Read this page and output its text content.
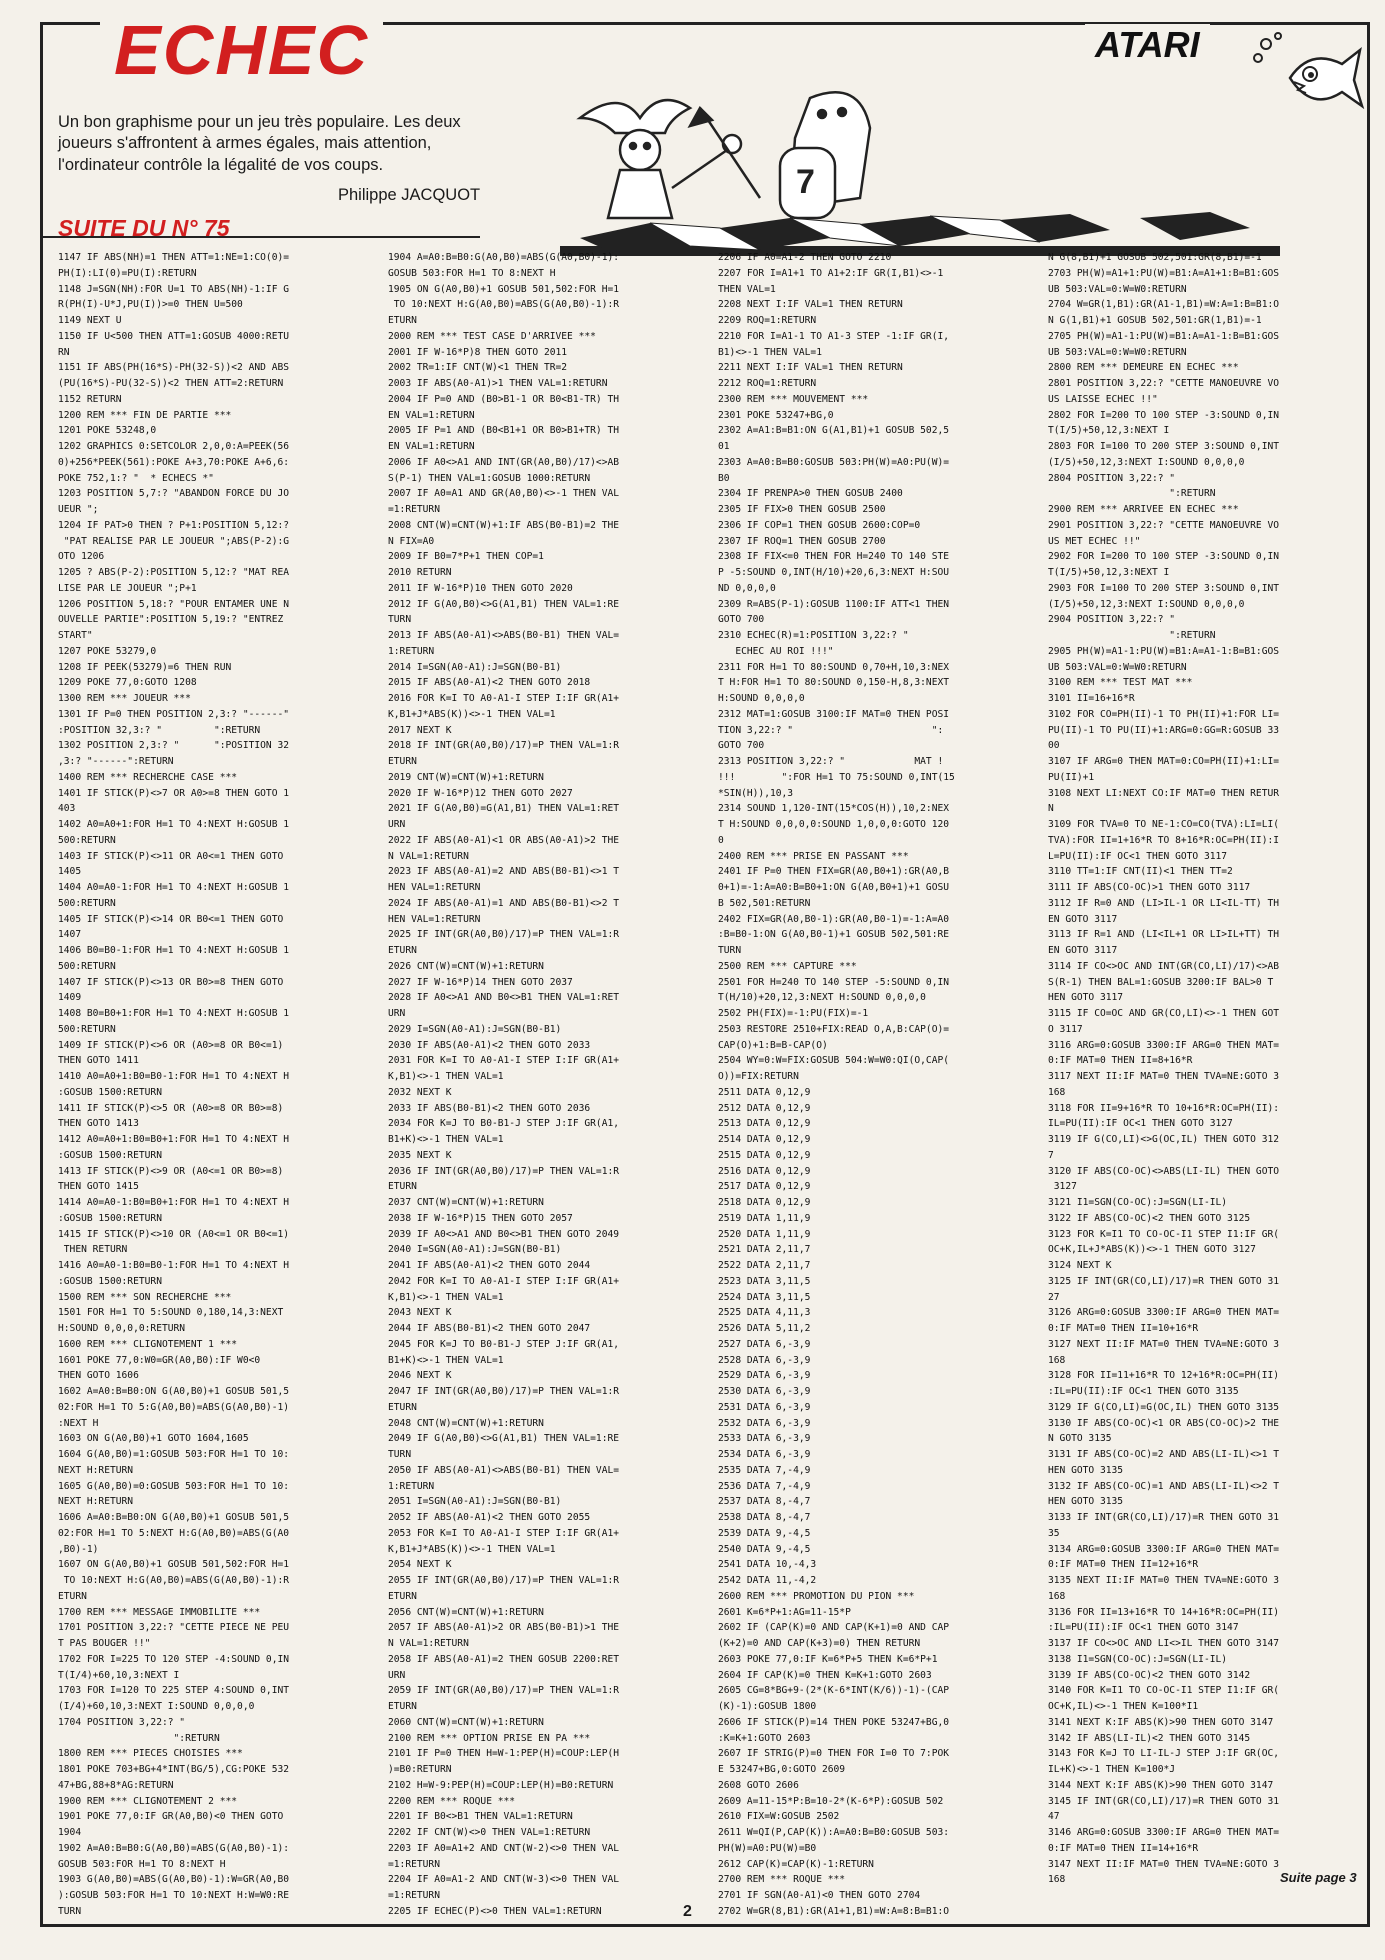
ECHEC	ATARI
Un bon graphisme pour un jeu très populaire. Les deux joueurs s'affrontent à armes égales, mais attention, l'ordinateur contrôle la légalité de vos coups.
Philippe JACQUOT
SUITE DU N° 75
7
1147 IF ABS(NH)=1 THEN ATT=1:NE=1:CO(0)=
PH(I):LI(0)=PU(I):RETURN
1148 J=SGN(NH):FOR U=1 TO ABS(NH)-1:IF G
R(PH(I)-U*J,PU(I))>=0 THEN U=500
1149 NEXT U
1150 IF U<500 THEN ATT=1:GOSUB 4000:RETU
RN
1151 IF ABS(PH(16*S)-PH(32-S))<2 AND ABS
(PU(16*S)-PU(32-S))<2 THEN ATT=2:RETURN
1152 RETURN
1200 REM *** FIN DE PARTIE ***
1201 POKE 53248,0
1202 GRAPHICS 0:SETCOLOR 2,0,0:A=PEEK(56
0)+256*PEEK(561):POKE A+3,70:POKE A+6,6:
POKE 752,1:? "  * ECHECS *"
1203 POSITION 5,7:? "ABANDON FORCE DU JO
UEUR ";
1204 IF PAT>0 THEN ? P+1:POSITION 5,12:?
"PAT REALISE PAR LE JOUEUR ";ABS(P-2):G
OTO 1206
1205 ? ABS(P-2):POSITION 5,12:? "MAT REA
LISE PAR LE JOUEUR ";P+1
1206 POSITION 5,18:? "POUR ENTAMER UNE N
OUVELLE PARTIE":POSITION 5,19:? "ENTREZ
START"
1207 POKE 53279,0
1208 IF PEEK(53279)=6 THEN RUN
1209 POKE 77,0:GOTO 1208
1300 REM *** JOUEUR ***
1301 IF P=0 THEN POSITION 2,3:? "------"
:POSITION 32,3:? "         ":RETURN
1302 POSITION 2,3:? "      ":POSITION 32
,3:? "------":RETURN
1400 REM *** RECHERCHE CASE ***
1401 IF STICK(P)<>7 OR A0>=8 THEN GOTO 1
403
1402 A0=A0+1:FOR H=1 TO 4:NEXT H:GOSUB 1
500:RETURN
1403 IF STICK(P)<>11 OR A0<=1 THEN GOTO
1405
1404 A0=A0-1:FOR H=1 TO 4:NEXT H:GOSUB 1
500:RETURN
1405 IF STICK(P)<>14 OR B0<=1 THEN GOTO
1407
1406 B0=B0-1:FOR H=1 TO 4:NEXT H:GOSUB 1
500:RETURN
1407 IF STICK(P)<>13 OR B0>=8 THEN GOTO
1409
1408 B0=B0+1:FOR H=1 TO 4:NEXT H:GOSUB 1
500:RETURN
1409 IF STICK(P)<>6 OR (A0>=8 OR B0<=1)
THEN GOTO 1411
1410 A0=A0+1:B0=B0-1:FOR H=1 TO 4:NEXT H
:GOSUB 1500:RETURN
1411 IF STICK(P)<>5 OR (A0>=8 OR B0>=8)
THEN GOTO 1413
1412 A0=A0+1:B0=B0+1:FOR H=1 TO 4:NEXT H
:GOSUB 1500:RETURN
1413 IF STICK(P)<>9 OR (A0<=1 OR B0>=8)
THEN GOTO 1415
1414 A0=A0-1:B0=B0+1:FOR H=1 TO 4:NEXT H
:GOSUB 1500:RETURN
1415 IF STICK(P)<>10 OR (A0<=1 OR B0<=1)
THEN RETURN
1416 A0=A0-1:B0=B0-1:FOR H=1 TO 4:NEXT H
:GOSUB 1500:RETURN
1500 REM *** SON RECHERCHE ***
1501 FOR H=1 TO 5:SOUND 0,180,14,3:NEXT
H:SOUND 0,0,0,0:RETURN
1600 REM *** CLIGNOTEMENT 1 ***
1601 POKE 77,0:W0=GR(A0,B0):IF W0<0
THEN GOTO 1606
1602 A=A0:B=B0:ON G(A0,B0)+1 GOSUB 501,5
02:FOR H=1 TO 5:G(A0,B0)=ABS(G(A0,B0)-1)
:NEXT H
1603 ON G(A0,B0)+1 GOTO 1604,1605
1604 G(A0,B0)=1:GOSUB 503:FOR H=1 TO 10:
NEXT H:RETURN
1605 G(A0,B0)=0:GOSUB 503:FOR H=1 TO 10:
NEXT H:RETURN
1606 A=A0:B=B0:ON G(A0,B0)+1 GOSUB 501,5
02:FOR H=1 TO 5:NEXT H:G(A0,B0)=ABS(G(A0
,B0)-1)
1607 ON G(A0,B0)+1 GOSUB 501,502:FOR H=1
TO 10:NEXT H:G(A0,B0)=ABS(G(A0,B0)-1):R
ETURN
1700 REM *** MESSAGE IMMOBILITE ***
1701 POSITION 3,22:? "CETTE PIECE NE PEU
T PAS BOUGER !!"
1702 FOR I=225 TO 120 STEP -4:SOUND 0,IN
T(I/4)+60,10,3:NEXT I
1703 FOR I=120 TO 225 STEP 4:SOUND 0,INT
(I/4)+60,10,3:NEXT I:SOUND 0,0,0,0
1704 POSITION 3,22:? "
":RETURN
1800 REM *** PIECES CHOISIES ***
1801 POKE 703+BG+4*INT(BG/5),CG:POKE 532
47+BG,88+8*AG:RETURN
1900 REM *** CLIGNOTEMENT 2 ***
1901 POKE 77,0:IF GR(A0,B0)<0 THEN GOTO
1904
1902 A=A0:B=B0:G(A0,B0)=ABS(G(A0,B0)-1):
GOSUB 503:FOR H=1 TO 8:NEXT H
1903 G(A0,B0)=ABS(G(A0,B0)-1):W=GR(A0,B0
):GOSUB 503:FOR H=1 TO 10:NEXT H:W=W0:RE
TURN
1904 A=A0:B=B0:G(A0,B0)=ABS(G(A0,B0)-1):
GOSUB 503:FOR H=1 TO 8:NEXT H
1905 ON G(A0,B0)+1 GOSUB 501,502:FOR H=1
TO 10:NEXT H:G(A0,B0)=ABS(G(A0,B0)-1):R
ETURN
2000 REM *** TEST CASE D'ARRIVEE ***
2001 IF W-16*P)8 THEN GOTO 2011
2002 TR=1:IF CNT(W)<1 THEN TR=2
2003 IF ABS(A0-A1)>1 THEN VAL=1:RETURN
2004 IF P=0 AND (B0>B1-1 OR B0<B1-TR) TH
EN VAL=1:RETURN
2005 IF P=1 AND (B0<B1+1 OR B0>B1+TR) TH
EN VAL=1:RETURN
2006 IF A0<>A1 AND INT(GR(A0,B0)/17)<>AB
S(P-1) THEN VAL=1:GOSUB 1000:RETURN
2007 IF A0=A1 AND GR(A0,B0)<>-1 THEN VAL
=1:RETURN
2008 CNT(W)=CNT(W)+1:IF ABS(B0-B1)=2 THE
N FIX=A0
2009 IF B0=7*P+1 THEN COP=1
2010 RETURN
2011 IF W-16*P)10 THEN GOTO 2020
2012 IF G(A0,B0)<>G(A1,B1) THEN VAL=1:RE
TURN
2013 IF ABS(A0-A1)<>ABS(B0-B1) THEN VAL=
1:RETURN
2014 I=SGN(A0-A1):J=SGN(B0-B1)
2015 IF ABS(A0-A1)<2 THEN GOTO 2018
2016 FOR K=I TO A0-A1-I STEP I:IF GR(A1+
K,B1+J*ABS(K))<>-1 THEN VAL=1
2017 NEXT K
2018 IF INT(GR(A0,B0)/17)=P THEN VAL=1:R
ETURN
2019 CNT(W)=CNT(W)+1:RETURN
2020 IF W-16*P)12 THEN GOTO 2027
2021 IF G(A0,B0)=G(A1,B1) THEN VAL=1:RET
URN
2022 IF ABS(A0-A1)<1 OR ABS(A0-A1)>2 THE
N VAL=1:RETURN
2023 IF ABS(A0-A1)=2 AND ABS(B0-B1)<>1 T
HEN VAL=1:RETURN
2024 IF ABS(A0-A1)=1 AND ABS(B0-B1)<>2 T
HEN VAL=1:RETURN
2025 IF INT(GR(A0,B0)/17)=P THEN VAL=1:R
ETURN
2026 CNT(W)=CNT(W)+1:RETURN
2027 IF W-16*P)14 THEN GOTO 2037
2028 IF A0<>A1 AND B0<>B1 THEN VAL=1:RET
URN
2029 I=SGN(A0-A1):J=SGN(B0-B1)
2030 IF ABS(A0-A1)<2 THEN GOTO 2033
2031 FOR K=I TO A0-A1-I STEP I:IF GR(A1+
K,B1)<>-1 THEN VAL=1
2032 NEXT K
2033 IF ABS(B0-B1)<2 THEN GOTO 2036
2034 FOR K=J TO B0-B1-J STEP J:IF GR(A1,
B1+K)<>-1 THEN VAL=1
2035 NEXT K
2036 IF INT(GR(A0,B0)/17)=P THEN VAL=1:R
ETURN
2037 CNT(W)=CNT(W)+1:RETURN
2038 IF W-16*P)15 THEN GOTO 2057
2039 IF A0<>A1 AND B0<>B1 THEN GOTO 2049
2040 I=SGN(A0-A1):J=SGN(B0-B1)
2041 IF ABS(A0-A1)<2 THEN GOTO 2044
2042 FOR K=I TO A0-A1-I STEP I:IF GR(A1+
K,B1)<>-1 THEN VAL=1
2043 NEXT K
2044 IF ABS(B0-B1)<2 THEN GOTO 2047
2045 FOR K=J TO B0-B1-J STEP J:IF GR(A1,
B1+K)<>-1 THEN VAL=1
2046 NEXT K
2047 IF INT(GR(A0,B0)/17)=P THEN VAL=1:R
ETURN
2048 CNT(W)=CNT(W)+1:RETURN
2049 IF G(A0,B0)<>G(A1,B1) THEN VAL=1:RE
TURN
2050 IF ABS(A0-A1)<>ABS(B0-B1) THEN VAL=
1:RETURN
2051 I=SGN(A0-A1):J=SGN(B0-B1)
2052 IF ABS(A0-A1)<2 THEN GOTO 2055
2053 FOR K=I TO A0-A1-I STEP I:IF GR(A1+
K,B1+J*ABS(K))<>-1 THEN VAL=1
2054 NEXT K
2055 IF INT(GR(A0,B0)/17)=P THEN VAL=1:R
ETURN
2056 CNT(W)=CNT(W)+1:RETURN
2057 IF ABS(A0-A1)>2 OR ABS(B0-B1)>1 THE
N VAL=1:RETURN
2058 IF ABS(A0-A1)=2 THEN GOSUB 2200:RET
URN
2059 IF INT(GR(A0,B0)/17)=P THEN VAL=1:R
ETURN
2060 CNT(W)=CNT(W)+1:RETURN
2100 REM *** OPTION PRISE EN PA ***
2101 IF P=0 THEN H=W-1:PEP(H)=COUP:LEP(H
)=B0:RETURN
2102 H=W-9:PEP(H)=COUP:LEP(H)=B0:RETURN
2200 REM *** ROQUE ***
2201 IF B0<>B1 THEN VAL=1:RETURN
2202 IF CNT(W)<>0 THEN VAL=1:RETURN
2203 IF A0=A1+2 AND CNT(W-2)<>0 THEN VAL
=1:RETURN
2204 IF A0=A1-2 AND CNT(W-3)<>0 THEN VAL
=1:RETURN
2205 IF ECHEC(P)<>0 THEN VAL=1:RETURN
2206 IF A0=A1-2 THEN GOTO 2210
2207 FOR I=A1+1 TO A1+2:IF GR(I,B1)<>-1
THEN VAL=1
2208 NEXT I:IF VAL=1 THEN RETURN
2209 ROQ=1:RETURN
2210 FOR I=A1-1 TO A1-3 STEP -1:IF GR(I,
B1)<>-1 THEN VAL=1
2211 NEXT I:IF VAL=1 THEN RETURN
2212 ROQ=1:RETURN
2300 REM *** MOUVEMENT ***
2301 POKE 53247+BG,0
2302 A=A1:B=B1:ON G(A1,B1)+1 GOSUB 502,5
01
2303 A=A0:B=B0:GOSUB 503:PH(W)=A0:PU(W)=
B0
2304 IF PRENPA>0 THEN GOSUB 2400
2305 IF FIX>0 THEN GOSUB 2500
2306 IF COP=1 THEN GOSUB 2600:COP=0
2307 IF ROQ=1 THEN GOSUB 2700
2308 IF FIX<=0 THEN FOR H=240 TO 140 STE
P -5:SOUND 0,INT(H/10)+20,6,3:NEXT H:SOU
ND 0,0,0,0
2309 R=ABS(P-1):GOSUB 1100:IF ATT<1 THEN
GOTO 700
2310 ECHEC(R)=1:POSITION 3,22:? "
ECHEC AU ROI !!!"
2311 FOR H=1 TO 80:SOUND 0,70+H,10,3:NEX
T H:FOR H=1 TO 80:SOUND 0,150-H,8,3:NEXT
H:SOUND 0,0,0,0
2312 MAT=1:GOSUB 3100:IF MAT=0 THEN POSI
TION 3,22:? "                        ":
GOTO 700
2313 POSITION 3,22:? "            MAT !
!!!        ":FOR H=1 TO 75:SOUND 0,INT(15
*SIN(H)),10,3
2314 SOUND 1,120-INT(15*COS(H)),10,2:NEX
T H:SOUND 0,0,0,0:SOUND 1,0,0,0:GOTO 120
0
2400 REM *** PRISE EN PASSANT ***
2401 IF P=0 THEN FIX=GR(A0,B0+1):GR(A0,B
0+1)=-1:A=A0:B=B0+1:ON G(A0,B0+1)+1 GOSU
B 502,501:RETURN
2402 FIX=GR(A0,B0-1):GR(A0,B0-1)=-1:A=A0
:B=B0-1:ON G(A0,B0-1)+1 GOSUB 502,501:RE
TURN
2500 REM *** CAPTURE ***
2501 FOR H=240 TO 140 STEP -5:SOUND 0,IN
T(H/10)+20,12,3:NEXT H:SOUND 0,0,0,0
2502 PH(FIX)=-1:PU(FIX)=-1
2503 RESTORE 2510+FIX:READ O,A,B:CAP(O)=
CAP(O)+1:B=B-CAP(O)
2504 WY=0:W=FIX:GOSUB 504:W=W0:QI(O,CAP(
O))=FIX:RETURN
2511 DATA 0,12,9
2512 DATA 0,12,9
2513 DATA 0,12,9
2514 DATA 0,12,9
2515 DATA 0,12,9
2516 DATA 0,12,9
2517 DATA 0,12,9
2518 DATA 0,12,9
2519 DATA 1,11,9
2520 DATA 1,11,9
2521 DATA 2,11,7
2522 DATA 2,11,7
2523 DATA 3,11,5
2524 DATA 3,11,5
2525 DATA 4,11,3
2526 DATA 5,11,2
2527 DATA 6,-3,9
2528 DATA 6,-3,9
2529 DATA 6,-3,9
2530 DATA 6,-3,9
2531 DATA 6,-3,9
2532 DATA 6,-3,9
2533 DATA 6,-3,9
2534 DATA 6,-3,9
2535 DATA 7,-4,9
2536 DATA 7,-4,9
2537 DATA 8,-4,7
2538 DATA 8,-4,7
2539 DATA 9,-4,5
2540 DATA 9,-4,5
2541 DATA 10,-4,3
2542 DATA 11,-4,2
2600 REM *** PROMOTION DU PION ***
2601 K=6*P+1:AG=11-15*P
2602 IF (CAP(K)=0 AND CAP(K+1)=0 AND CAP
(K+2)=0 AND CAP(K+3)=0) THEN RETURN
2603 POKE 77,0:IF K=6*P+5 THEN K=6*P+1
2604 IF CAP(K)=0 THEN K=K+1:GOTO 2603
2605 CG=8*BG+9-(2*(K-6*INT(K/6))-1)-(CAP
(K)-1):GOSUB 1800
2606 IF STICK(P)=14 THEN POKE 53247+BG,0
:K=K+1:GOTO 2603
2607 IF STRIG(P)=0 THEN FOR I=0 TO 7:POK
E 53247+BG,0:GOTO 2609
2608 GOTO 2606
2609 A=11-15*P:B=10-2*(K-6*P):GOSUB 502
2610 FIX=W:GOSUB 2502
2611 W=QI(P,CAP(K)):A=A0:B=B0:GOSUB 503:
PH(W)=A0:PU(W)=B0
2612 CAP(K)=CAP(K)-1:RETURN
2700 REM *** ROQUE ***
2701 IF SGN(A0-A1)<0 THEN GOTO 2704
2702 W=GR(8,B1):GR(A1+1,B1)=W:A=8:B=B1:O
N G(8,B1)+1 GOSUB 502,501:GR(8,B1)=-1
2703 PH(W)=A1+1:PU(W)=B1:A=A1+1:B=B1:GOS
UB 503:VAL=0:W=W0:RETURN
2704 W=GR(1,B1):GR(A1-1,B1)=W:A=1:B=B1:O
N G(1,B1)+1 GOSUB 502,501:GR(1,B1)=-1
2705 PH(W)=A1-1:PU(W)=B1:A=A1-1:B=B1:GOS
UB 503:VAL=0:W=W0:RETURN
2800 REM *** DEMEURE EN ECHEC ***
2801 POSITION 3,22:? "CETTE MANOEUVRE VO
US LAISSE ECHEC !!"
2802 FOR I=200 TO 100 STEP -3:SOUND 0,IN
T(I/5)+50,12,3:NEXT I
2803 FOR I=100 TO 200 STEP 3:SOUND 0,INT
(I/5)+50,12,3:NEXT I:SOUND 0,0,0,0
2804 POSITION 3,22:? "
":RETURN
2900 REM *** ARRIVEE EN ECHEC ***
2901 POSITION 3,22:? "CETTE MANOEUVRE VO
US MET ECHEC !!"
2902 FOR I=200 TO 100 STEP -3:SOUND 0,IN
T(I/5)+50,12,3:NEXT I
2903 FOR I=100 TO 200 STEP 3:SOUND 0,INT
(I/5)+50,12,3:NEXT I:SOUND 0,0,0,0
2904 POSITION 3,22:? "
":RETURN
2905 PH(W)=A1-1:PU(W)=B1:A=A1-1:B=B1:GOS
UB 503:VAL=0:W=W0:RETURN
3100 REM *** TEST MAT ***
3101 II=16+16*R
3102 FOR CO=PH(II)-1 TO PH(II)+1:FOR LI=
PU(II)-1 TO PU(II)+1:ARG=0:GG=R:GOSUB 33
00
3107 IF ARG=0 THEN MAT=0:CO=PH(II)+1:LI=
PU(II)+1
3108 NEXT LI:NEXT CO:IF MAT=0 THEN RETUR
N
3109 FOR TVA=0 TO NE-1:CO=CO(TVA):LI=LI(
TVA):FOR II=1+16*R TO 8+16*R:OC=PH(II):I
L=PU(II):IF OC<1 THEN GOTO 3117
3110 TT=1:IF CNT(II)<1 THEN TT=2
3111 IF ABS(CO-OC)>1 THEN GOTO 3117
3112 IF R=0 AND (LI>IL-1 OR LI<IL-TT) TH
EN GOTO 3117
3113 IF R=1 AND (LI<IL+1 OR LI>IL+TT) TH
EN GOTO 3117
3114 IF CO<>OC AND INT(GR(CO,LI)/17)<>AB
S(R-1) THEN BAL=1:GOSUB 3200:IF BAL>0 T
HEN GOTO 3117
3115 IF CO=OC AND GR(CO,LI)<>-1 THEN GOT
O 3117
3116 ARG=0:GOSUB 3300:IF ARG=0 THEN MAT=
0:IF MAT=0 THEN II=8+16*R
3117 NEXT II:IF MAT=0 THEN TVA=NE:GOTO 3
168
3118 FOR II=9+16*R TO 10+16*R:OC=PH(II):
IL=PU(II):IF OC<1 THEN GOTO 3127
3119 IF G(CO,LI)<>G(OC,IL) THEN GOTO 312
7
3120 IF ABS(CO-OC)<>ABS(LI-IL) THEN GOTO
3127
3121 I1=SGN(CO-OC):J=SGN(LI-IL)
3122 IF ABS(CO-OC)<2 THEN GOTO 3125
3123 FOR K=I1 TO CO-OC-I1 STEP I1:IF GR(
OC+K,IL+J*ABS(K))<>-1 THEN GOTO 3127
3124 NEXT K
3125 IF INT(GR(CO,LI)/17)=R THEN GOTO 31
27
3126 ARG=0:GOSUB 3300:IF ARG=0 THEN MAT=
0:IF MAT=0 THEN II=10+16*R
3127 NEXT II:IF MAT=0 THEN TVA=NE:GOTO 3
168
3128 FOR II=11+16*R TO 12+16*R:OC=PH(II)
:IL=PU(II):IF OC<1 THEN GOTO 3135
3129 IF G(CO,LI)=G(OC,IL) THEN GOTO 3135
3130 IF ABS(CO-OC)<1 OR ABS(CO-OC)>2 THE
N GOTO 3135
3131 IF ABS(CO-OC)=2 AND ABS(LI-IL)<>1 T
HEN GOTO 3135
3132 IF ABS(CO-OC)=1 AND ABS(LI-IL)<>2 T
HEN GOTO 3135
3133 IF INT(GR(CO,LI)/17)=R THEN GOTO 31
35
3134 ARG=0:GOSUB 3300:IF ARG=0 THEN MAT=
0:IF MAT=0 THEN II=12+16*R
3135 NEXT II:IF MAT=0 THEN TVA=NE:GOTO 3
168
3136 FOR II=13+16*R TO 14+16*R:OC=PH(II)
:IL=PU(II):IF OC<1 THEN GOTO 3147
3137 IF CO<>OC AND LI<>IL THEN GOTO 3147
3138 I1=SGN(CO-OC):J=SGN(LI-IL)
3139 IF ABS(CO-OC)<2 THEN GOTO 3142
3140 FOR K=I1 TO CO-OC-I1 STEP I1:IF GR(
OC+K,IL)<>-1 THEN K=100*I1
3141 NEXT K:IF ABS(K)>90 THEN GOTO 3147
3142 IF ABS(LI-IL)<2 THEN GOTO 3145
3143 FOR K=J TO LI-IL-J STEP J:IF GR(OC,
IL+K)<>-1 THEN K=100*J
3144 NEXT K:IF ABS(K)>90 THEN GOTO 3147
3145 IF INT(GR(CO,LI)/17)=R THEN GOTO 31
47
3146 ARG=0:GOSUB 3300:IF ARG=0 THEN MAT=
0:IF MAT=0 THEN II=14+16*R
3147 NEXT II:IF MAT=0 THEN TVA=NE:GOTO 3
168	Suite page 3
2
